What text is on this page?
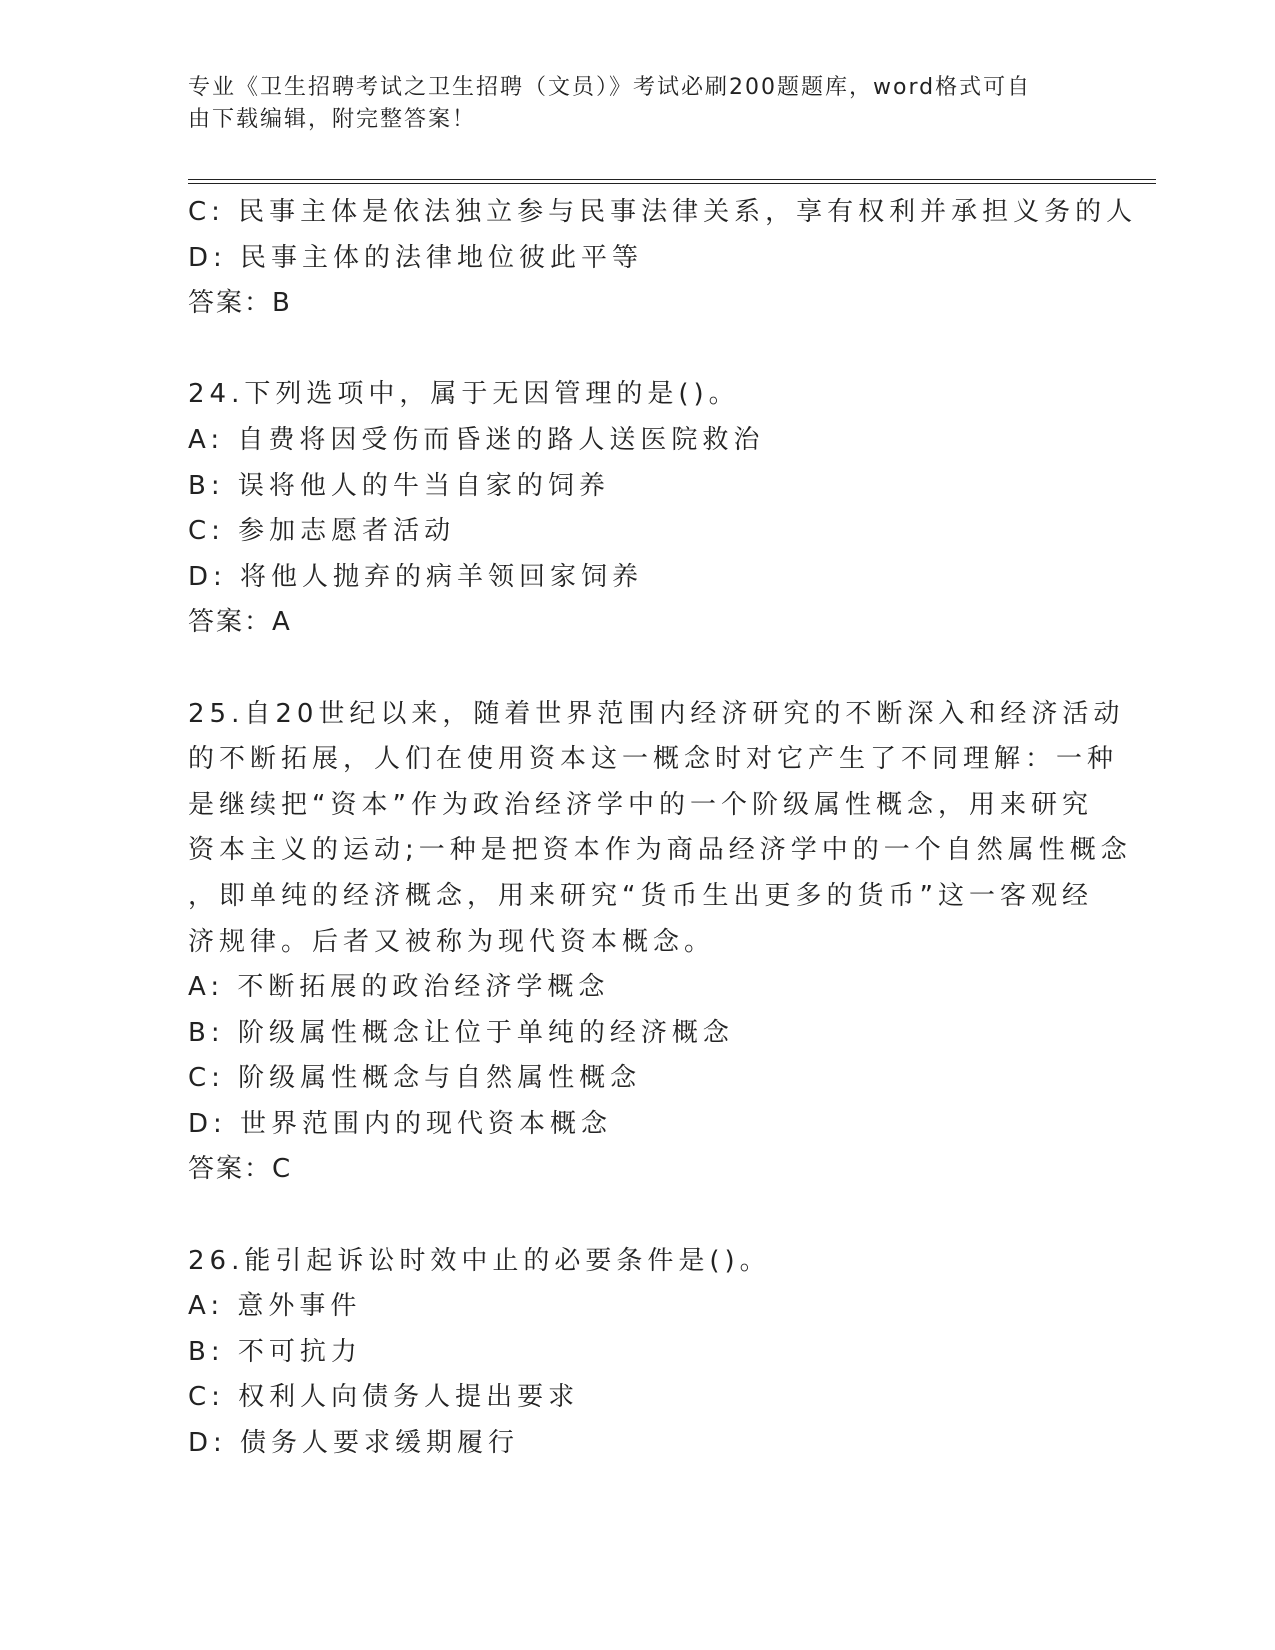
专业《卫生招聘考试之卫生招聘（文员）》考试必刷200题题库，word格式可自
由下载编辑，附完整答案！
C: 民事主体是依法独立参与民事法律关系，享有权利并承担义务的人
D: 民事主体的法律地位彼此平等
答案：B
24.下列选项中，属于无因管理的是()。
A: 自费将因受伤而昏迷的路人送医院救治
B: 误将他人的牛当自家的饲养
C: 参加志愿者活动
D: 将他人抛弃的病羊领回家饲养
答案：A
25.自20世纪以来，随着世界范围内经济研究的不断深入和经济活动
的不断拓展，人们在使用资本这一概念时对它产生了不同理解：一种
是继续把“资本”作为政治经济学中的一个阶级属性概念，用来研究
资本主义的运动;一种是把资本作为商品经济学中的一个自然属性概念
，即单纯的经济概念，用来研究“货币生出更多的货币”这一客观经
济规律。后者又被称为现代资本概念。
A: 不断拓展的政治经济学概念
B: 阶级属性概念让位于单纯的经济概念
C: 阶级属性概念与自然属性概念
D: 世界范围内的现代资本概念
答案：C
26.能引起诉讼时效中止的必要条件是()。
A: 意外事件
B: 不可抗力
C: 权利人向债务人提出要求
D: 债务人要求缓期履行
